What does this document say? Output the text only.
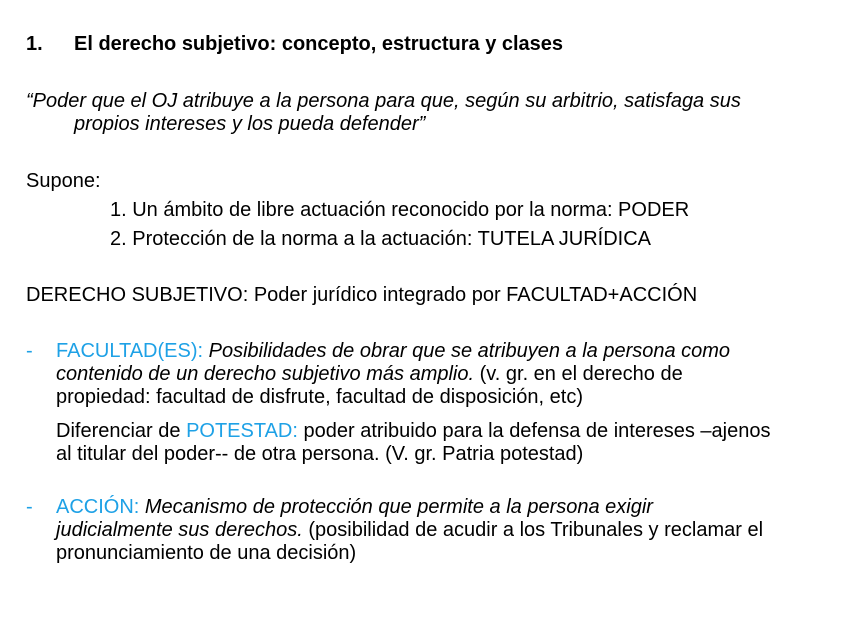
1. El derecho subjetivo: concepto, estructura y clases
“Poder que el OJ atribuye a la persona para que, según su arbitrio, satisfaga sus
propios intereses y los pueda defender”
Supone:
1. Un ámbito de libre actuación reconocido por la norma: PODER
2. Protección de la norma a la actuación: TUTELA JURÍDICA
DERECHO SUBJETIVO: Poder jurídico integrado por FACULTAD+ACCIÓN
- FACULTAD(ES): Posibilidades de obrar que se atribuyen a la persona como
contenido de un derecho subjetivo más amplio. (v. gr. en el derecho de
propiedad: facultad de disfrute, facultad de disposición, etc)
Diferenciar de POTESTAD: poder atribuido para la defensa de intereses –ajenos
al titular del poder-- de otra persona. (V. gr. Patria potestad)
- ACCIÓN: Mecanismo de protección que permite a la persona exigir
judicialmente sus derechos. (posibilidad de acudir a los Tribunales y reclamar el
pronunciamiento de una decisión)
